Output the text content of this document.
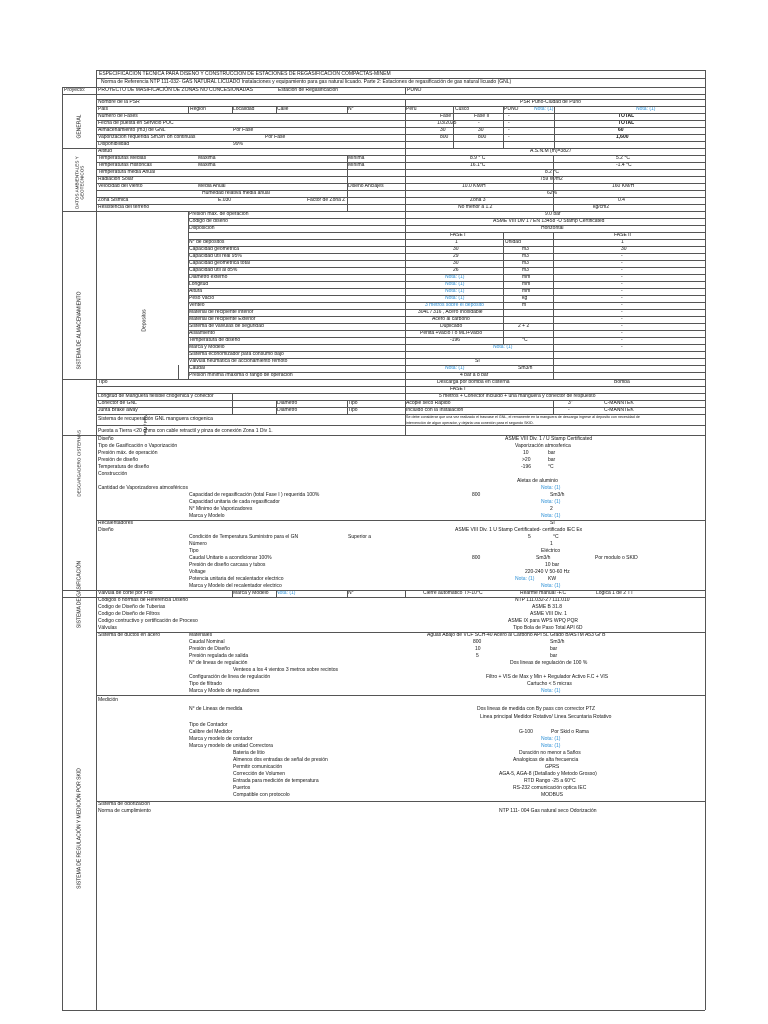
ESPECIFICACIÓN TECNICA PARA DISEÑO Y CONSTRUCCIÓN DE ESTACIONES DE REGASIFICACIÓN COMPACTAS-MINEM
Norma de Referencia NTP 111-032- GAS NATURAL LICUADO Instalaciones y equipamiento para gas natural licuado. Parte 2: Estaciones de regasificación de gas natural licuado (GNL)
Proyecto:	PROYECTO DE MASIFICACIÓN DE ZONAS NO CONCESIONADAS	Estación de Regasificación	PUNO
GENERAL
DATOS AMBIENTALES Y GEOTECNICOS
SISTEMA DE ALMACENAMIENTO	Depositos
PPM / PRV
DESCARGADERO CISTERNAS
SISTEMA DE GASIFICACIÓN
SISTEMA DE REGULACIÓN Y MEDICIÓN POR SKID
Nombre de la PSR	PSR Puno-Ciudad de Puno
País	Región	Localidad	Calle	N°	Perú	Cusco	PUNO	Nota: (1)	Nota: (1)
Número de Fases	Fase I	Fase II	-	TOTAL
Fecha de puesta en Servicio POC	1/3/2025	-	-	TOTAL
Almacenamiento (m3) de GNL	Por Fase	30	30	-	60
Vaporización requerida Sm3/h 8h continuas	Por Fase	800	800	-	1,600
Disponibilidad	99%
Altitud	A.S.N.M (m)=3827
Temperaturas Medias	Máxima	Mínima	8.9 ° C	5.2 °C
Temperaturas Historicas	Máxima	Mínima	16.1°C	-1.4 °C
Temperatura media Anual	8.2 °C
Radiación Solar	759 W/m2
Velocidad del viento	Media Anual	Diseño Anclajes	10.0 KM/H	160 KM/H
Humedad relativa media anual	62%
Zona Sismica	E.030	Factor de Zona Z	Zona 3	0.4
Resistencia del terreno	No menor a 1.2	kg/cm2
Presión máx. de operación	9.0 bar
Codigo de diseño	ASME VIII Div 1 / EN 13458 -U Stamp Certificated
Disposición	Horizontal
FASE I	FASE II
N° de depositos	1	Unidad	1
Capacidad geometrica	30	m3	30
Capacidad útil real 95%	29	m3	-
Capacidad geométrica total	30	m3	-
Capacidad útil al 85%	26	m3	-
Diametro externo	Nota: (1)	mm	-
Longitud	Nota: (1)	mm	-
Altura	Nota: (1)	mm	-
Peso Vacío	Nota: (1)	kg	-
Venteo	3 metros sobre el deposito	m	-
Material de recipiente interior	304L / 316 , Acero Inoxidable	-
Material de recipiente Exterior	Acero al carbono	-
Sistema de válvulas de seguridad	Duplicado	2 + 2	-
Aislamiento	Perlita +vacío / o MLI+Vacio	-
Temperatura de diseño	-196	°C	-
Marca y Modelo	Nota: (1)	-
Sistema economizador para consumo bajo
Válvula neumatica de accionamiento remoto	SI
Caudal	Nota: (1)	Sm3/h
Presión mínima /máxima o rango de operación	4 bar a 8 bar
Tipo	Descarga por bomba en cisterna	Bomba
FASE I
Longitud de Manguera flexible criogenica y conector	5 metros + Conector incluido + una manguera y conector de respuesto
Conector de GNL	Diámetro	Tipo	Acople seco Rapido	3"	C-MANNTEK
Junta Brake away	Diámetro	Tipo	Incluido con la Instalación	-	C-MANNTEK
Sistema de recuperación GNL manguera criogenica
Puesta a Tierra <20 ohms con cable retractil y pinza de conexión Zona 1 Div 1.
Diseño	ASME VIII Div. 1 / U Stamp Certificated
Tipo de Gasificación o Vaporización	Vaporización atmosferica
Presión máx. de operación	10	bar
Presión de diseño	>20	bar
Temperatura de diseño	-196	°C
Construcción
Aletas de aluminio
Cantidad de Vaporizadores atmosféricos	Nota: (1)
Capacidad de regasificación (total Fase I ) requerida 100%	800	Sm3/h
Capacidad unitaria de cada regasificador	Nota: (1)
N° Minimo de Vaporizadores	2
Marca y Modelo	Nota: (1)
Recalentadores	SI
Diseño	ASME VIII Div. 1 U Stamp Certificated- certificado IEC Ex
Condición de Temperatura Suministro para el GN	Superior a	5	°C
Número	1
Tipo	Eléctrico
Caudal Unitario a acondicionar 100%	800	Sm3/h	Por modulo o SKID
Presión de diseño carcasa y tubos	10 bar
Voltage	220-240 V 50-60 Hz
Potencia unitaria del recalentador electrico	Nota: (1)	KW
Marca y Modelo del recalentador electrico	Nota: (1)
Válvula de corte por Frio	Marca y Modelo Nota: (1)	N°	Cierre automatico T>-10°C	Rearme manual -F.C	Logica 1 de 2 TT
Codigos o normas de Referencia Diseño	NTP 111.032-2 / 111.010
Codigo de Diseño de Tuberias	ASME B 31.8
Codigo de Diseño de Filtros	ASME VIII Div. 1
Codigo contructivo y certificación de Proceso	ASME IX para WPS WPQ PQR
Válvulas	Tipo Bola de Paso Total API 6D
Sistema de ductos en acero	Materiales	Aguas Abajo de VCF SCH-40 Acero al Carbono API 5L Grado B/ASTM A53 Gr B
Caudal Nominal	800	Sm3/h
Presión de Diseño	10	bar
Presión regulada de salida	5	bar
N° de lineas de regulación	Dos lineas de regulación de 100 %
Venteos a los 4 vientos 3 metros sobre recintos
Configuración de linea de regulación	Filtro + VIS de Max y Min + Regulador Activo F.C + VIS
Tipo de filtrado	Cartucho < 5 micras
Marca y Modelo de reguladores	Nota: (1)
Medición
N° de Lineas de medida	Dos lineas de medida con By pass con corrector PTZ
Linea principal Medidor Rotativo/ Linea Secuntaria Rotativo
Tipo de Contador
Calibre del Medidor	G-100	Por Skid o Rama
Marca y modelo de contador	Nota: (1)
Marca y modelo de unidad Correctora	Nota: (1)
Bateria de litio	Duración no menor a 5años
Almenos dos entradas de señal de presión	Analogicas de alta frecuencia
Permitir comunicación	GPRS
Corrección de Volumen	AGA-5, AGA-8 (Detallado y Metodo Grosso)
Entrada para medición de temperatura	RTD Rango -25 a 60°C
Puertos	RS-232 comunicación optica IEC
Compatible con protocolo	MODBUS
Sistema de odorización
Norma de cumplimiento	NTP 111- 004 Gas natural seco Odorización
Se debe considerar que una vez realizado el trasvase el GNL, el remanente en la manguera de descarga ingrese al deposito con necesidad de
intervención de algun operador, y dejarla una conexión para el segundo SKID.
